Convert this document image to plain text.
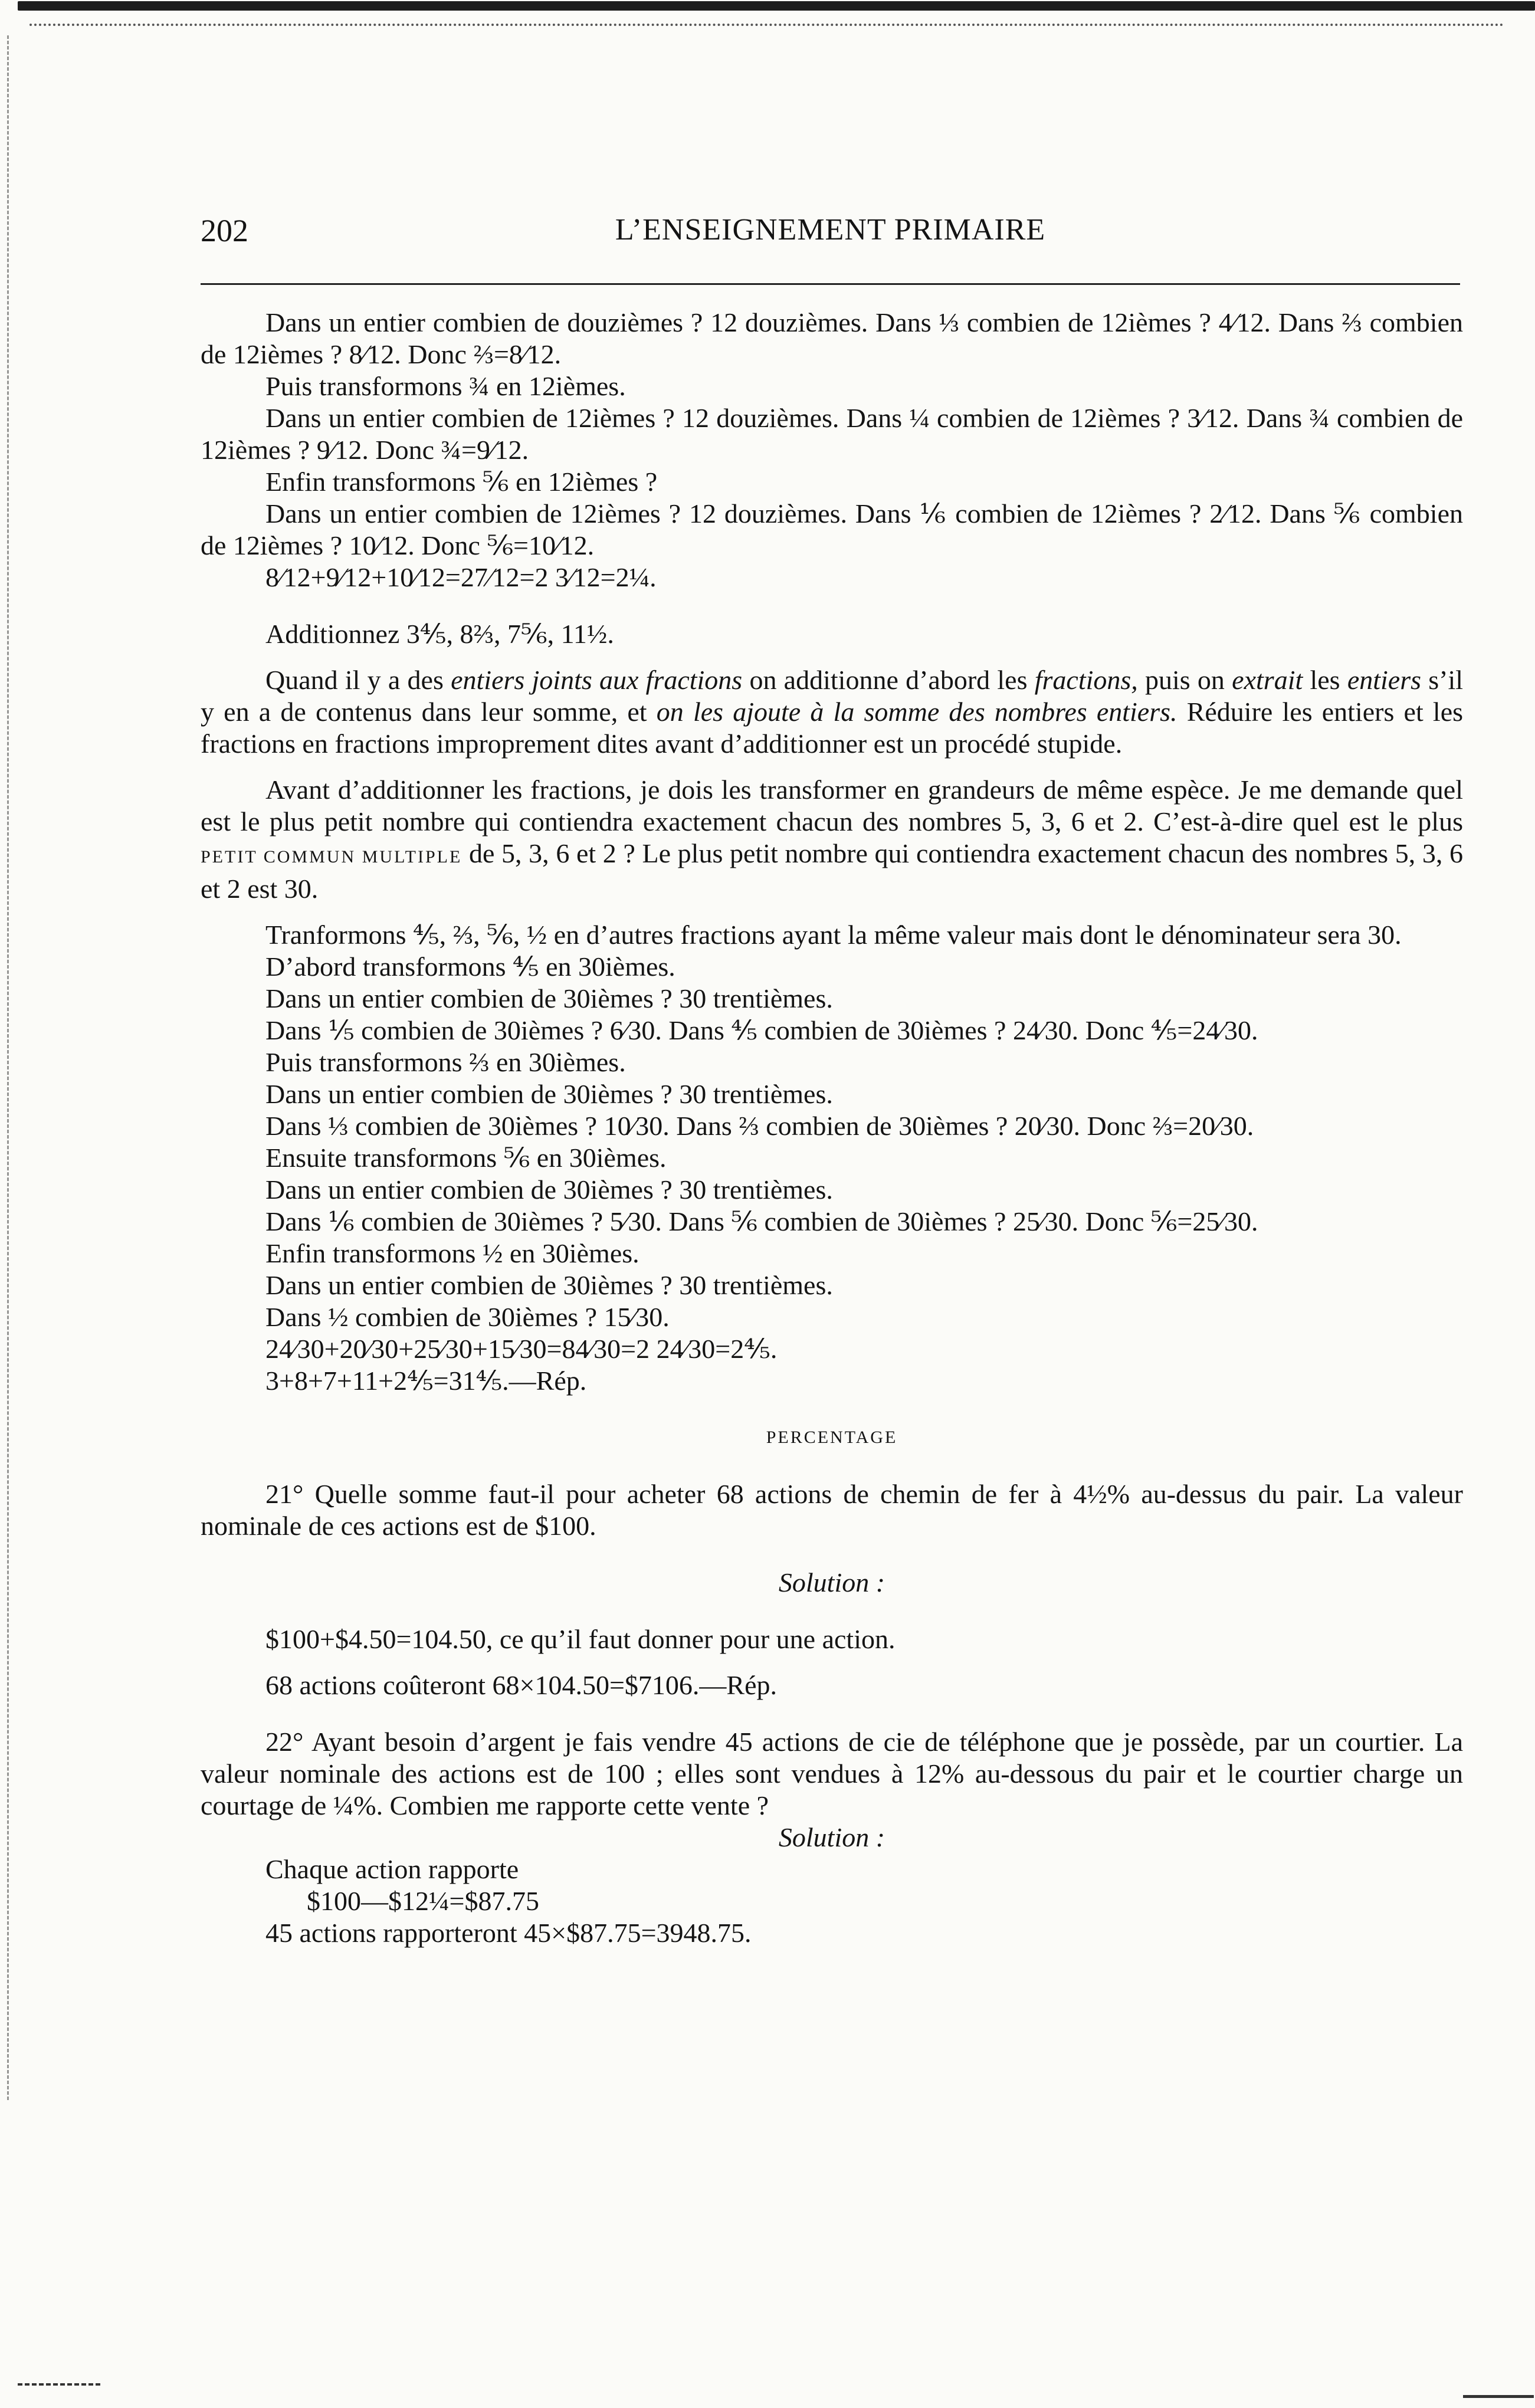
202	L’ENSEIGNEMENT PRIMAIRE

Dans un entier combien de douzièmes ? 12 douzièmes. Dans ⅓ combien de 12ièmes ? 4⁄12. Dans ⅔ combien de 12ièmes ? 8⁄12. Donc ⅔=8⁄12.

Puis transformons ¾ en 12ièmes.

Dans un entier combien de 12ièmes ? 12 douzièmes. Dans ¼ combien de 12ièmes ? 3⁄12. Dans ¾ combien de 12ièmes ? 9⁄12. Donc ¾=9⁄12.

Enfin transformons ⅚ en 12ièmes ?

Dans un entier combien de 12ièmes ? 12 douzièmes. Dans ⅙ combien de 12ièmes ? 2⁄12. Dans ⅚ combien de 12ièmes ? 10⁄12. Donc ⅚=10⁄12.

8⁄12+9⁄12+10⁄12=27⁄12=2 3⁄12=2¼.

Additionnez 3⅘, 8⅔, 7⅚, 11½.

Quand il y a des entiers joints aux fractions on additionne d’abord les fractions, puis on extrait les entiers s’il y en a de contenus dans leur somme, et on les ajoute à la somme des nombres entiers. Réduire les entiers et les fractions en fractions improprement dites avant d’additionner est un procédé stupide.

Avant d’additionner les fractions, je dois les transformer en grandeurs de même espèce. Je me demande quel est le plus petit nombre qui contiendra exactement chacun des nombres 5, 3, 6 et 2. C’est-à-dire quel est le plus PETIT COMMUN MULTIPLE de 5, 3, 6 et 2 ? Le plus petit nombre qui contiendra exactement chacun des nombres 5, 3, 6 et 2 est 30.

Tranformons ⅘, ⅔, ⅚, ½ en d’autres fractions ayant la même valeur mais dont le dénominateur sera 30.

D’abord transformons ⅘ en 30ièmes.

Dans un entier combien de 30ièmes ? 30 trentièmes.

Dans ⅕ combien de 30ièmes ? 6⁄30. Dans ⅘ combien de 30ièmes ? 24⁄30. Donc ⅘=24⁄30.

Puis transformons ⅔ en 30ièmes.

Dans un entier combien de 30ièmes ? 30 trentièmes.

Dans ⅓ combien de 30ièmes ? 10⁄30. Dans ⅔ combien de 30ièmes ? 20⁄30. Donc ⅔=20⁄30.

Ensuite transformons ⅚ en 30ièmes.

Dans un entier combien de 30ièmes ? 30 trentièmes.

Dans ⅙ combien de 30ièmes ? 5⁄30. Dans ⅚ combien de 30ièmes ? 25⁄30. Donc ⅚=25⁄30.

Enfin transformons ½ en 30ièmes.

Dans un entier combien de 30ièmes ? 30 trentièmes.

Dans ½ combien de 30ièmes ? 15⁄30.

24⁄30+20⁄30+25⁄30+15⁄30=84⁄30=2 24⁄30=2⅘.

3+8+7+11+2⅘=31⅘.—Rép.

PERCENTAGE

21° Quelle somme faut-il pour acheter 68 actions de chemin de fer à 4½% au-dessus du pair. La valeur nominale de ces actions est de $100.

Solution :

$100+$4.50=104.50, ce qu’il faut donner pour une action.

68 actions coûteront 68×104.50=$7106.—Rép.

22° Ayant besoin d’argent je fais vendre 45 actions de cie de téléphone que je possède, par un courtier. La valeur nominale des actions est de 100 ; elles sont vendues à 12% au-dessous du pair et le courtier charge un courtage de ¼%. Combien me rapporte cette vente ?

Solution :

Chaque action rapporte

$100—$12¼=$87.75

45 actions rapporteront 45×$87.75=3948.75.
